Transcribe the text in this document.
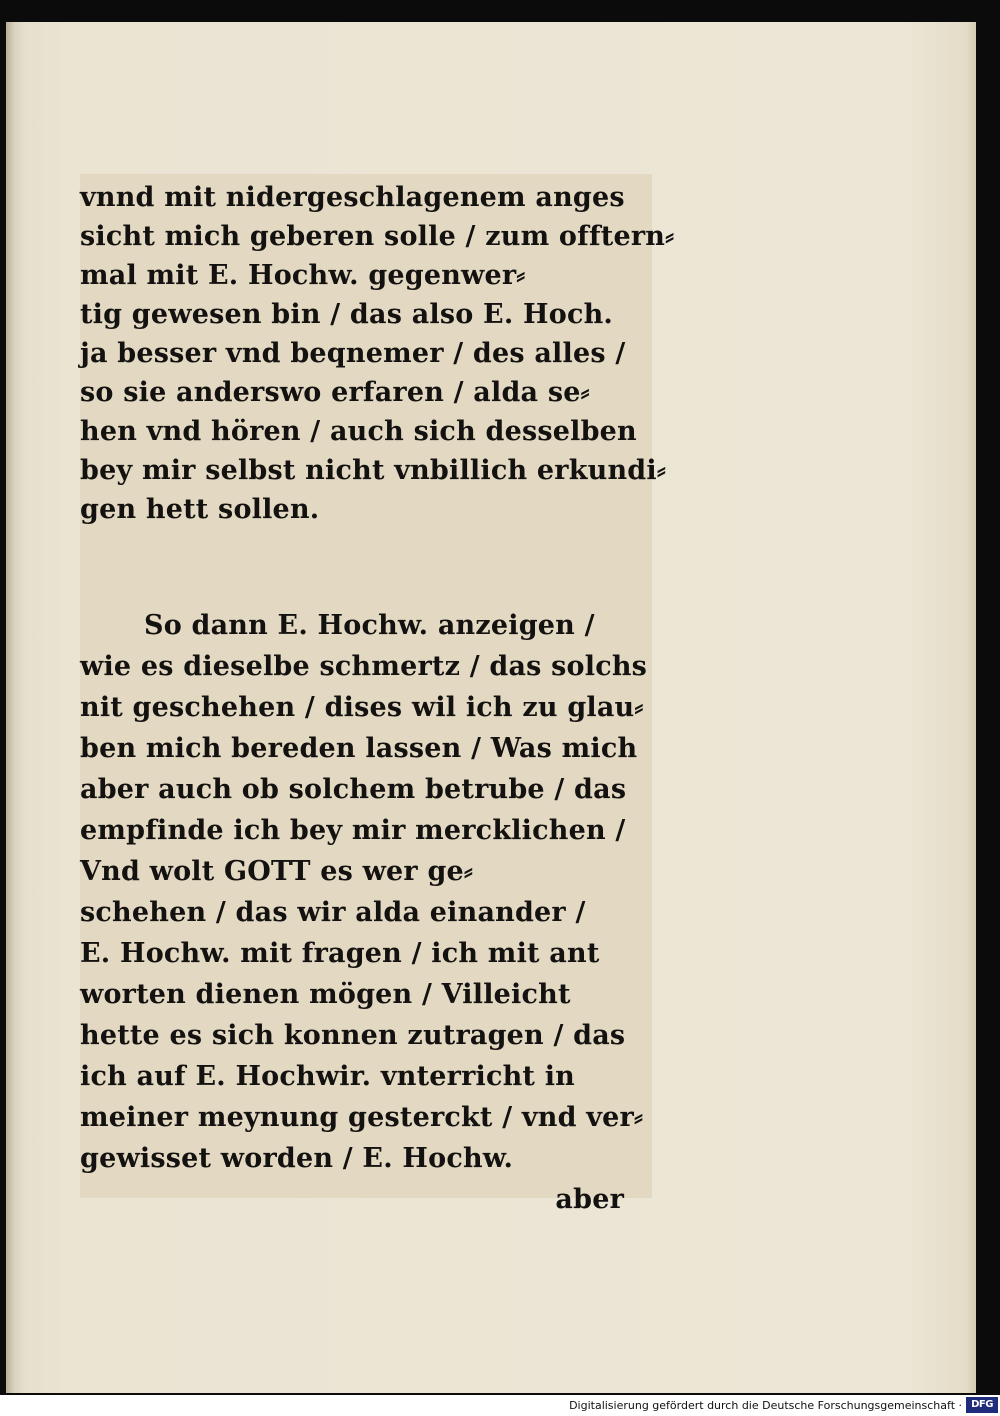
vnnd mit nidergeschlagenem anges
sicht mich geberen solle / zum offtern⸗
mal mit E. Hochw. gegenwer⸗
tig gewesen bin / das also E. Hoch.
ja besser vnd beqnemer / des alles /
so sie anderswo erfaren / alda se⸗
hen vnd hören / auch sich desselben
bey mir selbst nicht vnbillich erkundi⸗
gen hett sollen.
So dann E. Hochw. anzeigen /
wie es dieselbe schmertz / das solchs
nit geschehen / dises wil ich zu glau⸗
ben mich bereden lassen / Was mich
aber auch ob solchem betrube / das
empfinde ich bey mir mercklichen /
Vnd wolt GOTT es wer ge⸗
schehen / das wir alda einander /
E. Hochw. mit fragen / ich mit ant
worten dienen mögen / Villeicht
hette es sich konnen zutragen / das
ich auf E. Hochwir. vnterricht in
meiner meynung gesterckt / vnd ver⸗
gewisset worden / E. Hochw.
aber
Digitalisierung gefördert durch die Deutsche Forschungsgemeinschaft · DFG
